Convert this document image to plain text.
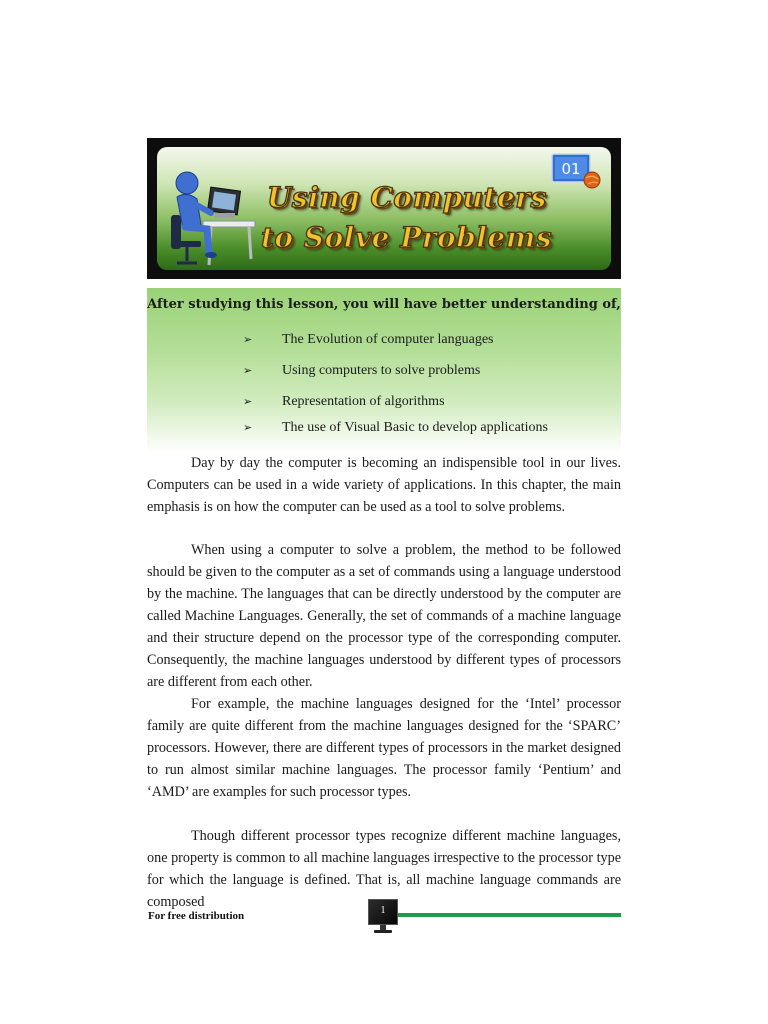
Using Computers
to Solve Problems
01

After studying this lesson, you will have better understanding of,

➢ The Evolution of computer languages
➢ Using computers to solve problems
➢ Representation of algorithms
➢ The use of Visual Basic to develop applications

Day by day the computer is becoming an indispensible tool in our lives. Computers can be used in a wide variety of applications. In this chapter, the main emphasis is on how the computer can be used as a tool to solve problems.

When using a computer to solve a problem, the method to be followed should be given to the computer as a set of commands using a language understood by the machine. The languages that can be directly understood by the computer are called Machine Languages. Generally, the set of commands of a machine language and their structure depend on the processor type of the corresponding computer. Consequently, the machine languages understood by different types of processors are different from each other.

For example, the machine languages designed for the ‘Intel’ processor family are quite different from the machine languages designed for the ‘SPARC’ processors. However, there are different types of processors in the market designed to run almost similar machine languages. The processor family ‘Pentium’ and ‘AMD’ are examples for such processor types.

Though different processor types recognize different machine languages, one property is common to all machine languages irrespective to the processor type for which the language is defined. That is, all machine language commands are composed

For free distribution	1
